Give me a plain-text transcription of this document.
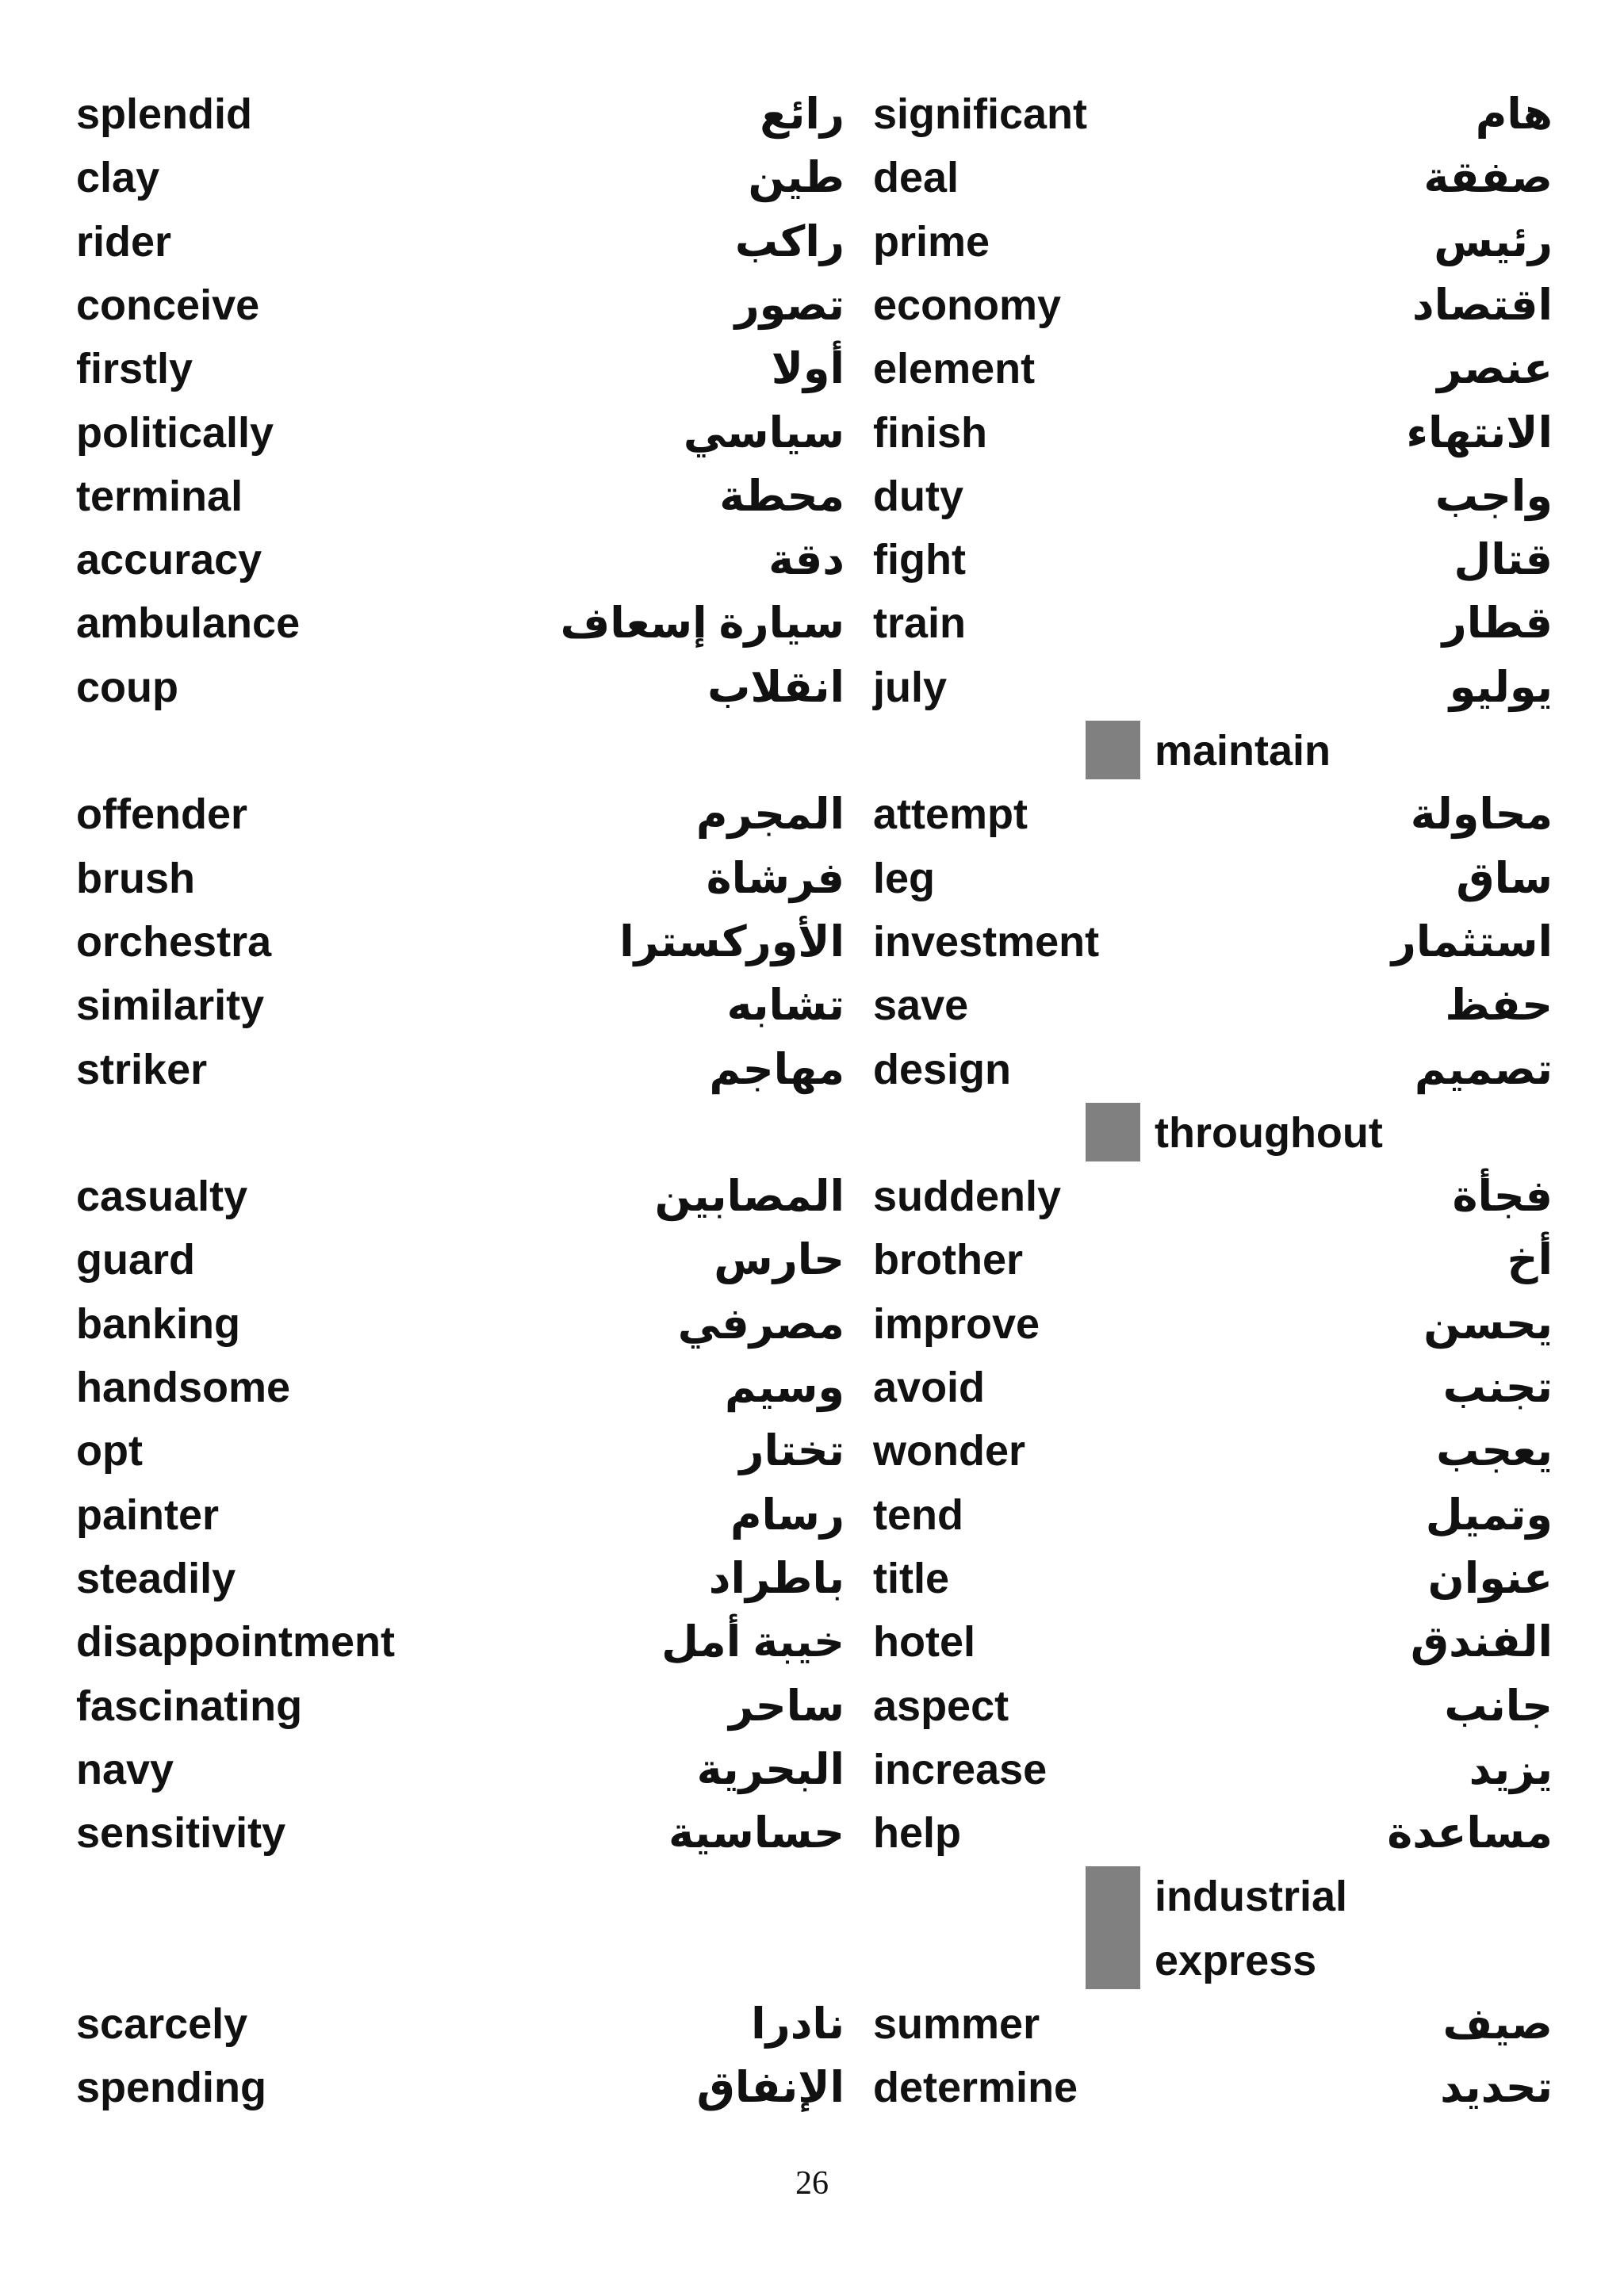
splendid	رائع significant	هام
clay	طين deal	صفقة
rider	راكب prime	رئيس
conceive	تصور economy	اقتصاد
firstly	أولا element	عنصر
politically	سياسي finish	الانتهاء
terminal	محطة duty	واجب
accuracy	دقة fight	قتال
ambulance	سيارة إسعاف train	قطار
coup	انقلاب july	يوليو
maintain
offender	المجرم attempt	محاولة
brush	فرشاة leg	ساق
orchestra	الأوركسترا investment	استثمار
similarity	تشابه save	حفظ
striker	مهاجم design	تصميم
throughout
casualty	المصابين suddenly	فجأة
guard	حارس brother	أخ
banking	مصرفي improve	يحسن
handsome	وسيم avoid	تجنب
opt	تختار wonder	يعجب
painter	رسام tend	وتميل
steadily	باطراد title	عنوان
disappointment	خيبة أمل hotel	الفندق
fascinating	ساحر aspect	جانب
navy	البحرية increase	يزيد
sensitivity	حساسية help	مساعدة
industrial
express
scarcely	نادرا summer	صيف
spending	الإنفاق determine	تحديد
26
